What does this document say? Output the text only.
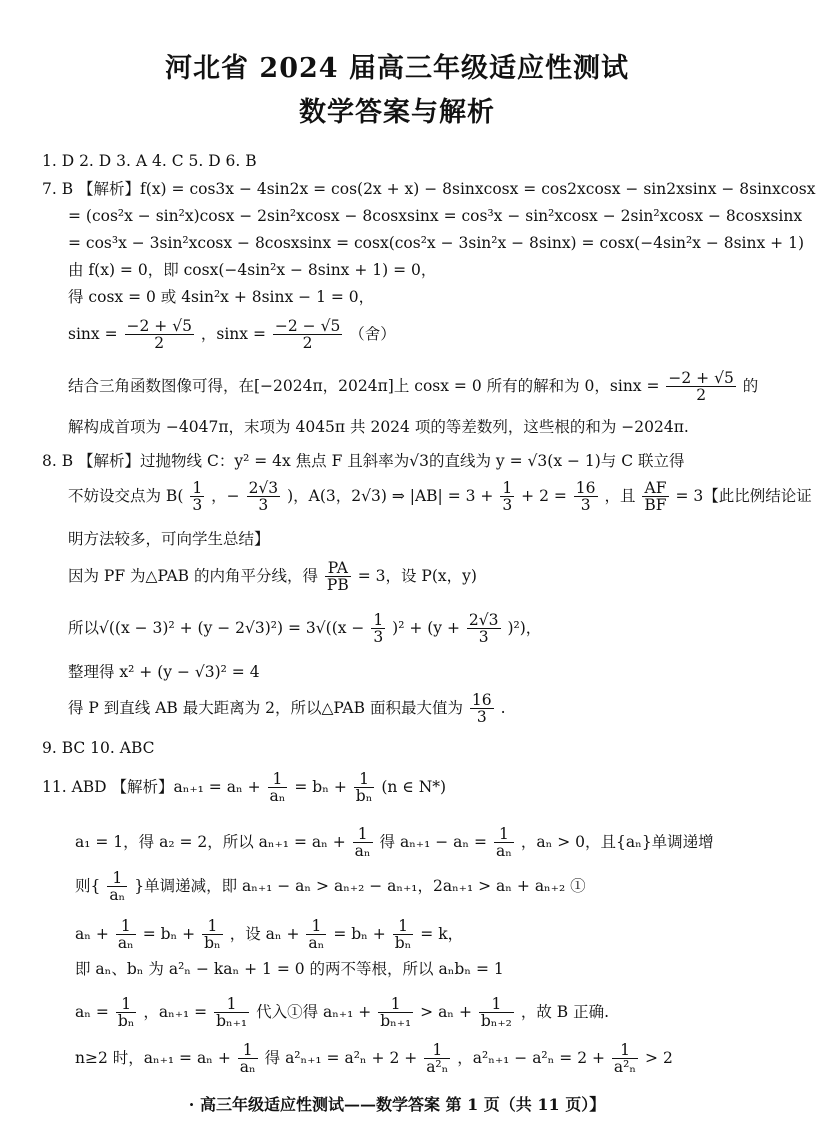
河北省 2024 届高三年级适应性测试
数学答案与解析
1. D 2. D 3. A 4. C 5. D 6. B
7. B 【解析】f(x) = cos3x − 4sin2x = cos(2x + x) − 8sinxcosx = cos2xcosx − sin2xsinx − 8sinxcosx
= (cos²x − sin²x)cosx − 2sin²xcosx − 8cosxsinx = cos³x − sin²xcosx − 2sin²xcosx − 8cosxsinx
= cos³x − 3sin²xcosx − 8cosxsinx = cosx(cos²x − 3sin²x − 8sinx) = cosx(−4sin²x − 8sinx + 1)
由 f(x) = 0，即 cosx(−4sin²x − 8sinx + 1) = 0，
得 cosx = 0 或 4sin²x + 8sinx − 1 = 0，
$\sin x = \frac{-2 + √5}{2}$ ，$\sin x = \frac{-2 - √5}{2}$ （舍）
结合三角函数图像可得，在[−2024π，2024π]上 cosx = 0 所有的解和为 0，$\sin x = \frac{-2 + √5}{2}$ 的
解构成首项为 −4047π，末项为 4045π 共 2024 项的等差数列，这些根的和为 −2024π.
8. B 【解析】过抛物线 C：y² = 4x 焦点 F 且斜率为√3的直线为 y = √3(x − 1)与 C 联立得
不妨设交点为 $B( \frac{1}{3}$ ，− $\frac{2√3}{3}$ )，A(3，2√3) ⇒ $|AB| = 3 + \frac{1}{3} + 2 = \frac{16}{3}$ ，且 $\frac{AF}{BF} = 3$【此比例结论证
明方法较多，可向学生总结】
因为 PF 为△PAB 的内角平分线，得 $\frac{PA}{PB} = 3$，设 P(x，y)
所以$√((x - 3)^2 + (y - 2√3)^2) = 3√((x - \frac{1}{3} )^2 + (y + \frac{2√3}{3} )^2)$，
整理得 x² + (y − √3)² = 4
得 P 到直线 AB 最大距离为 2，所以△PAB 面积最大值为 $\frac{16}{3}$ .
9. BC 10. ABC
11. ABD 【解析】$a_{n+1} = a_n + \frac{1}{\text{aₙ}} = b_n + \frac{1}{\text{bₙ}} (n$ ∈ N*)
a₁ = 1，得 a₂ = 2，所以 $a_{n+1} = a_n + \frac{1}{\text{aₙ}}$ 得 $a_{n+1} - a_n = \frac{1}{\text{aₙ}}$ ，aₙ > 0，且{aₙ}单调递增
则{ $\frac{1}{\text{aₙ}}$ }单调递减，即 aₙ₊₁ − aₙ > aₙ₊₂ − aₙ₊₁，2aₙ₊₁ > aₙ + aₙ₊₂ ①
$a_n + \frac{1}{\text{aₙ}} = b_n + \frac{1}{\text{bₙ}}$ ，设 $a_n + \frac{1}{\text{aₙ}} = b_n + \frac{1}{\text{bₙ}} = k$，
即 aₙ、bₙ 为 a²ₙ − kaₙ + 1 = 0 的两不等根，所以 aₙbₙ = 1
$a_n = \frac{1}{\text{bₙ}}$ ，$a_{n+1} = \frac{1}{\text{bₙ₊₁}}$ 代入①得 $a_{n+1} + \frac{1}{\text{bₙ₊₁}} > a_n + \frac{1}{\text{bₙ₊₂}}$ ，故 B 正确.
n≥2 时，$a_{n+1} = a_n + \frac{1}{\text{aₙ}}$ 得 $a^2_{n+1} = a^2_n + 2 + \frac{1}{\text{a²ₙ}}$ ，$a^2_{n+1} - a^2_n = 2 + \frac{1}{\text{a²ₙ}} > 2$
· 高三年级适应性测试——数学答案 第 1 页（共 11 页）】
